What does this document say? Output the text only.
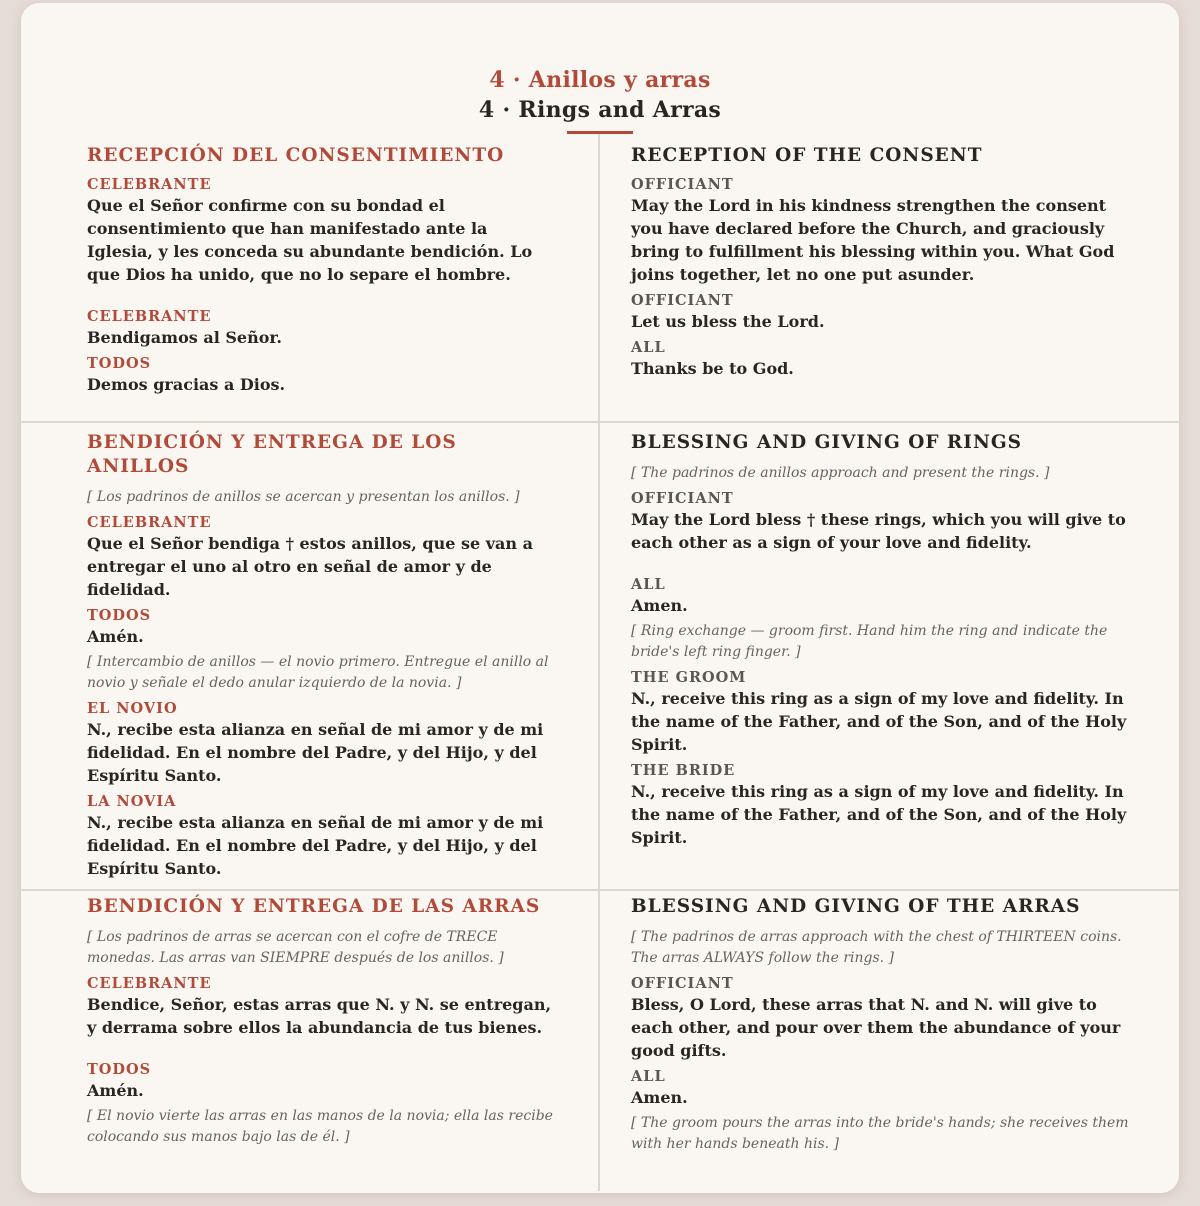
4 · Anillos y arras
4 · Rings and Arras
RECEPCIÓN DEL CONSENTIMIENTO
CELEBRANTE
Que el Señor confirme con su bondad el consentimiento que han manifestado ante la Iglesia, y les conceda su abundante bendición. Lo que Dios ha unido, que no lo separe el hombre.
CELEBRANTE
Bendigamos al Señor.
TODOS
Demos gracias a Dios.
RECEPTION OF THE CONSENT
OFFICIANT
May the Lord in his kindness strengthen the consent you have declared before the Church, and graciously bring to fulfillment his blessing within you. What God joins together, let no one put asunder.
OFFICIANT
Let us bless the Lord.
ALL
Thanks be to God.
BENDICIÓN Y ENTREGA DE LOS ANILLOS
[ Los padrinos de anillos se acercan y presentan los anillos. ]
CELEBRANTE
Que el Señor bendiga † estos anillos, que se van a entregar el uno al otro en señal de amor y de fidelidad.
TODOS
Amén.
[ Intercambio de anillos — el novio primero. Entregue el anillo al novio y señale el dedo anular izquierdo de la novia. ]
EL NOVIO
N., recibe esta alianza en señal de mi amor y de mi fidelidad. En el nombre del Padre, y del Hijo, y del Espíritu Santo.
LA NOVIA
N., recibe esta alianza en señal de mi amor y de mi fidelidad. En el nombre del Padre, y del Hijo, y del Espíritu Santo.
BLESSING AND GIVING OF RINGS
[ The padrinos de anillos approach and present the rings. ]
OFFICIANT
May the Lord bless † these rings, which you will give to each other as a sign of your love and fidelity.
ALL
Amen.
[ Ring exchange — groom first. Hand him the ring and indicate the bride's left ring finger. ]
THE GROOM
N., receive this ring as a sign of my love and fidelity. In the name of the Father, and of the Son, and of the Holy Spirit.
THE BRIDE
N., receive this ring as a sign of my love and fidelity. In the name of the Father, and of the Son, and of the Holy Spirit.
BENDICIÓN Y ENTREGA DE LAS ARRAS
[ Los padrinos de arras se acercan con el cofre de TRECE monedas. Las arras van SIEMPRE después de los anillos. ]
CELEBRANTE
Bendice, Señor, estas arras que N. y N. se entregan, y derrama sobre ellos la abundancia de tus bienes.
TODOS
Amén.
[ El novio vierte las arras en las manos de la novia; ella las recibe colocando sus manos bajo las de él. ]
BLESSING AND GIVING OF THE ARRAS
[ The padrinos de arras approach with the chest of THIRTEEN coins. The arras ALWAYS follow the rings. ]
OFFICIANT
Bless, O Lord, these arras that N. and N. will give to each other, and pour over them the abundance of your good gifts.
ALL
Amen.
[ The groom pours the arras into the bride's hands; she receives them with her hands beneath his. ]
